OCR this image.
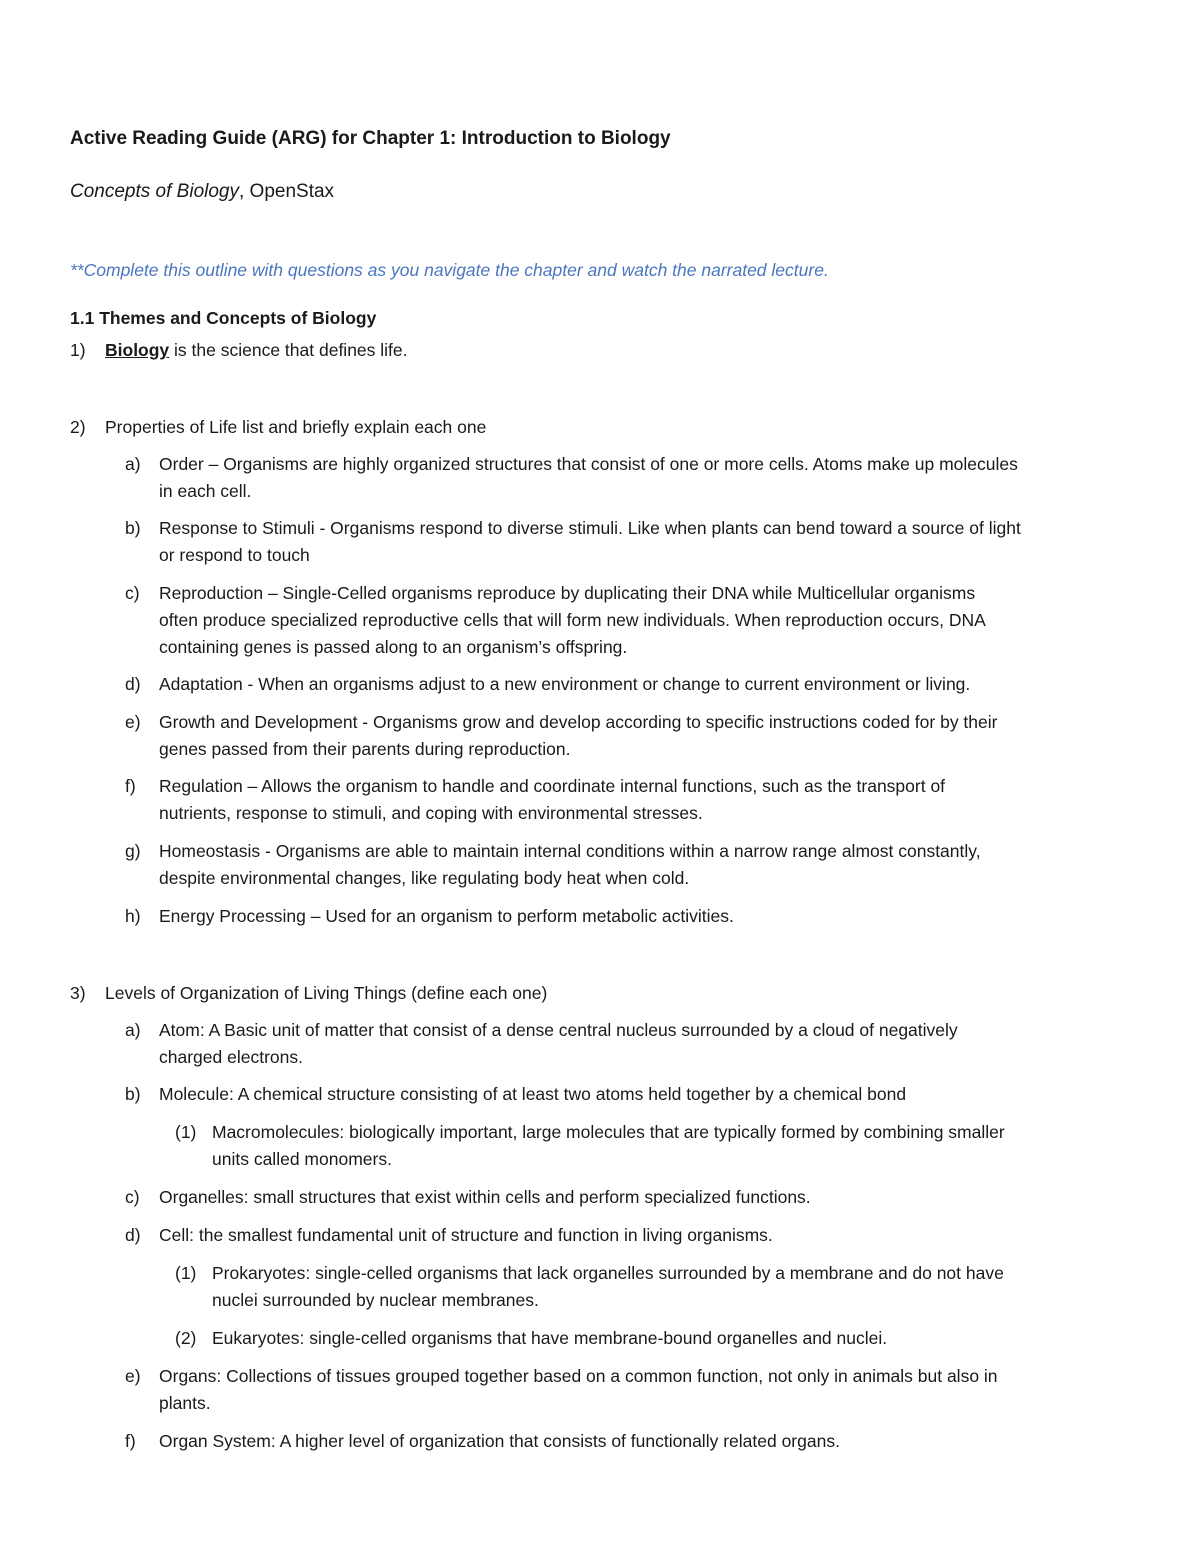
Active Reading Guide (ARG) for Chapter 1: Introduction to Biology
Concepts of Biology, OpenStax
**Complete this outline with questions as you navigate the chapter and watch the narrated lecture.
1.1 Themes and Concepts of Biology
1) Biology is the science that defines life.
2) Properties of Life list and briefly explain each one
a) Order – Organisms are highly organized structures that consist of one or more cells. Atoms make up molecules
in each cell.
b) Response to Stimuli - Organisms respond to diverse stimuli. Like when plants can bend toward a source of light
or respond to touch
c) Reproduction – Single-Celled organisms reproduce by duplicating their DNA while Multicellular organisms
often produce specialized reproductive cells that will form new individuals. When reproduction occurs, DNA
containing genes is passed along to an organism’s offspring.
d) Adaptation - When an organisms adjust to a new environment or change to current environment or living.
e) Growth and Development - Organisms grow and develop according to specific instructions coded for by their
genes passed from their parents during reproduction.
f) Regulation – Allows the organism to handle and coordinate internal functions, such as the transport of
nutrients, response to stimuli, and coping with environmental stresses.
g) Homeostasis - Organisms are able to maintain internal conditions within a narrow range almost constantly,
despite environmental changes, like regulating body heat when cold.
h) Energy Processing – Used for an organism to perform metabolic activities.
3) Levels of Organization of Living Things (define each one)
a) Atom: A Basic unit of matter that consist of a dense central nucleus surrounded by a cloud of negatively
charged electrons.
b) Molecule: A chemical structure consisting of at least two atoms held together by a chemical bond
(1) Macromolecules: biologically important, large molecules that are typically formed by combining smaller
units called monomers.
c) Organelles: small structures that exist within cells and perform specialized functions.
d) Cell: the smallest fundamental unit of structure and function in living organisms.
(1) Prokaryotes: single-celled organisms that lack organelles surrounded by a membrane and do not have
nuclei surrounded by nuclear membranes.
(2) Eukaryotes: single-celled organisms that have membrane-bound organelles and nuclei.
e) Organs: Collections of tissues grouped together based on a common function, not only in animals but also in
plants.
f) Organ System: A higher level of organization that consists of functionally related organs.
